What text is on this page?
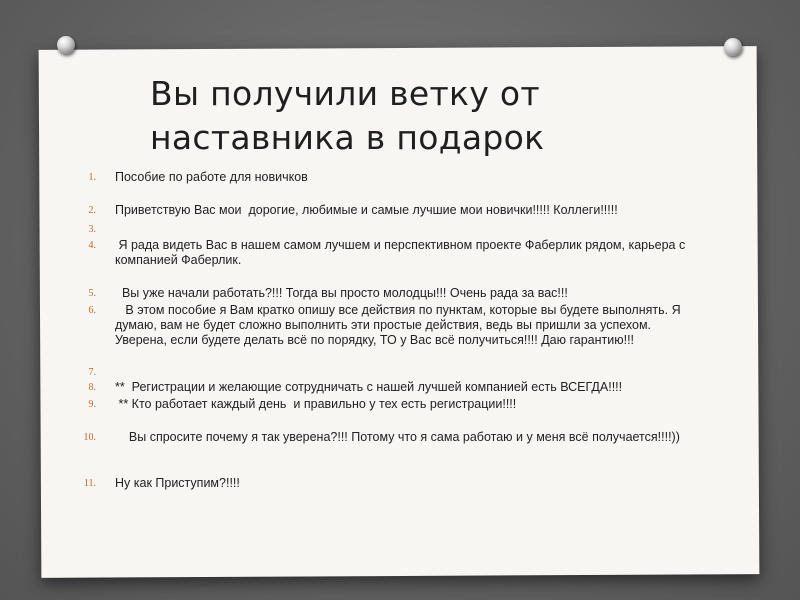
Вы получили ветку от
наставника в подарок
1. Пособие по работе для новичков
2. Приветствую Вас мои  дорогие, любимые и самые лучшие мои новички!!!!! Коллеги!!!!!
3.
4. Я рада видеть Вас в нашем самом лучшем и перспективном проекте Фаберлик рядом, карьера с компанией Фаберлик.
5. Вы уже начали работать?!!! Тогда вы просто молодцы!!! Очень рада за вас!!!
6. В этом пособие я Вам кратко опишу все действия по пунктам, которые вы будете выполнять. Я думаю, вам не будет сложно выполнить эти простые действия, ведь вы пришли за успехом. Уверена, если будете делать всё по порядку, ТО у Вас всё получиться!!!! Даю гарантию!!!
7.
8. **  Регистрации и желающие сотрудничать с нашей лучшей компанией есть ВСЕГДА!!!!
9. ** Кто работает каждый день  и правильно у тех есть регистрации!!!!
10. Вы спросите почему я так уверена?!!! Потому что я сама работаю и у меня всё получается!!!!))
11. Ну как Приступим?!!!!
